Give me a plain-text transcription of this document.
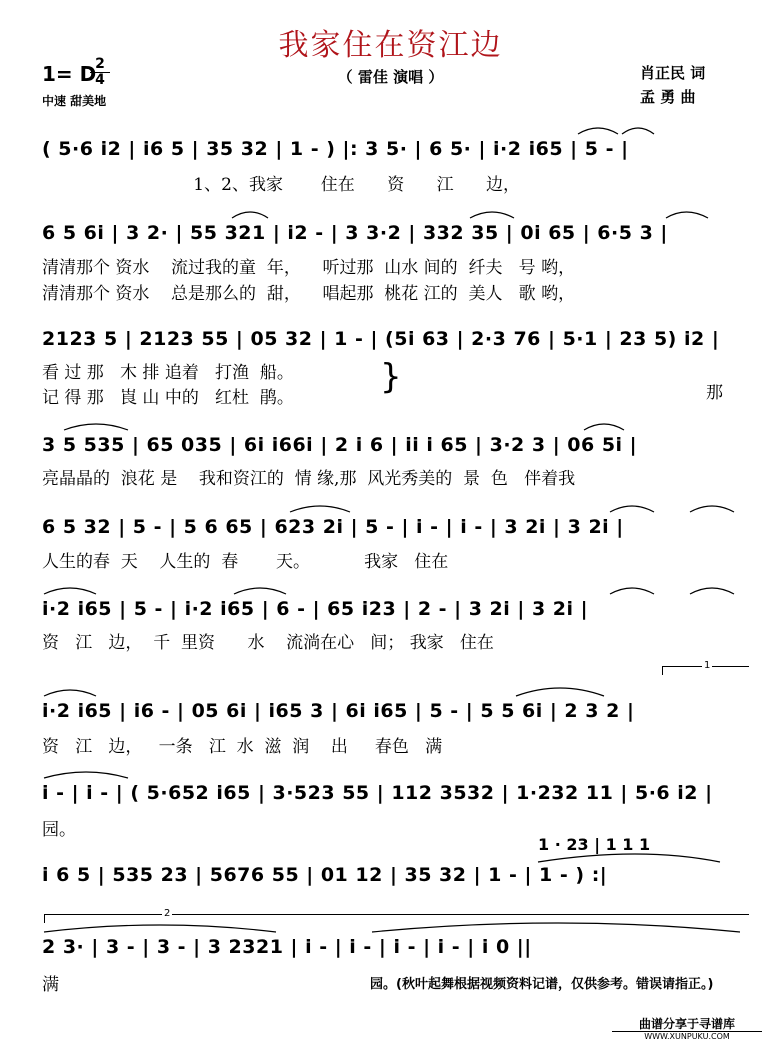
我家住在资江边
（ 雷佳 演唱 ）
1= D
2
4
中速 甜美地
肖正民 词
孟 勇 曲
( 5·6 i2 | i6 5 | 35 32 | 1 - ) |: 3 5· | 6 5· | i·2 i65 | 5 - |
1、2、我家       住在      资      江      边，
6 5 6i | 3 2· | 55 321 | i2 - | 3 3·2 | 332 35 | 0i 65 | 6·5 3 |
清清那个 资水    流过我的童  年，    听过那  山水 间的  纤夫   号 哟，
清清那个 资水    总是那么的  甜，    唱起那  桃花 江的  美人   歌 哟，
2123 5 | 2123 55 | 05 32 | 1 - | (5i 63 | 2·3 76 | 5·1 | 23 5) i2 |
看 过 那   木 排 追着   打渔  船。
记 得 那   崀 山 中的   红杜  鹃。
}	那
3 5 535 | 65 035 | 6i i66i | 2 i 6 | ii i 65 | 3·2 3 | 06 5i |
亮晶晶的  浪花 是    我和资江的  情 缘,那  风光秀美的  景  色   伴着我
6 5 32 | 5 - | 5 6 65 | 623 2i | 5 - | i - | i - | 3 2i | 3 2i |
人生的春  天    人生的  春       天。          我家   住在
i·2 i65 | 5 - | i·2 i65 | 6 - | 65 i23 | 2 - | 3 2i | 3 2i |
资   江   边，  千  里资      水    流淌在心   间； 我家   住在
1
i·2 i65 | i6 - | 05 6i | i65 3 | 6i i65 | 5 - | 5 5 6i | 2 3 2 |
资   江   边，   一条   江  水  滋  润    出     春色   满
i - | i - | ( 5·652 i65 | 3·523 55 | 112 3532 | 1·232 11 | 5·6 i2 |
园。
1 · 23 | 1 1 1
i 6 5 | 535 23 | 5676 55 | 01 12 | 35 32 | 1 - | 1 - ) :|
2
2 3· | 3 - | 3 - | 3 2321 | i - | i - | i - | i - | i 0 ||
满	园。(秋叶起舞根据视频资料记谱，仅供参考。错误请指正。)
曲谱分享于寻谱库
WWW.XUNPUKU.COM
